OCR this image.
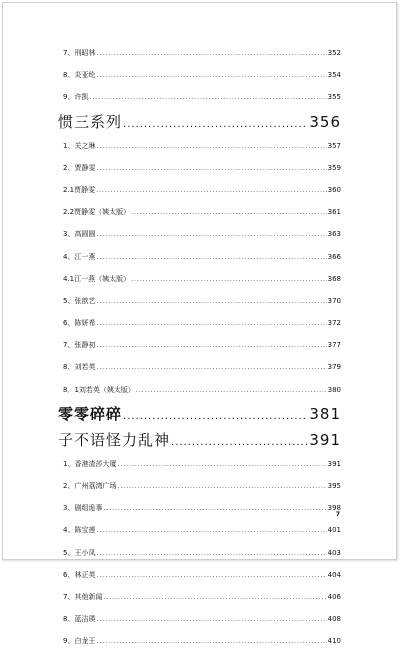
7、刑昭林 .....	352
8、炎亚纶 .....	354
9、许凯 .....	355
惯三系列 .....	356
1、关之琳 .....	357
2、贾静雯 .....	359
2.1贾静雯 .....	360
2.2贾静雯（姨太版） .....	361
3、高圆圆 .....	363
4、江一燕 .....	366
4.1江一燕（姨太版） .....	368
5、张歆艺 .....	370
6、陈妍希 .....	372
7、张静初 .....	377
8、刘若英 .....	379
8．1刘若英（姨太版） .....	380
零零碎碎 .....	381
子不语怪力乱神 .....	391
1、香港渣莎大厦 .....	391
2、广州荔湾广场 .....	395
3、剧组诡事 .....	398
4、陈宝莲 .....	401
5、王小凤 .....	403
6、林正英 .....	404
7、其他新闻 .....	406
8、蓝洁瑛 .....	408
9、白龙王 .....	410
7
